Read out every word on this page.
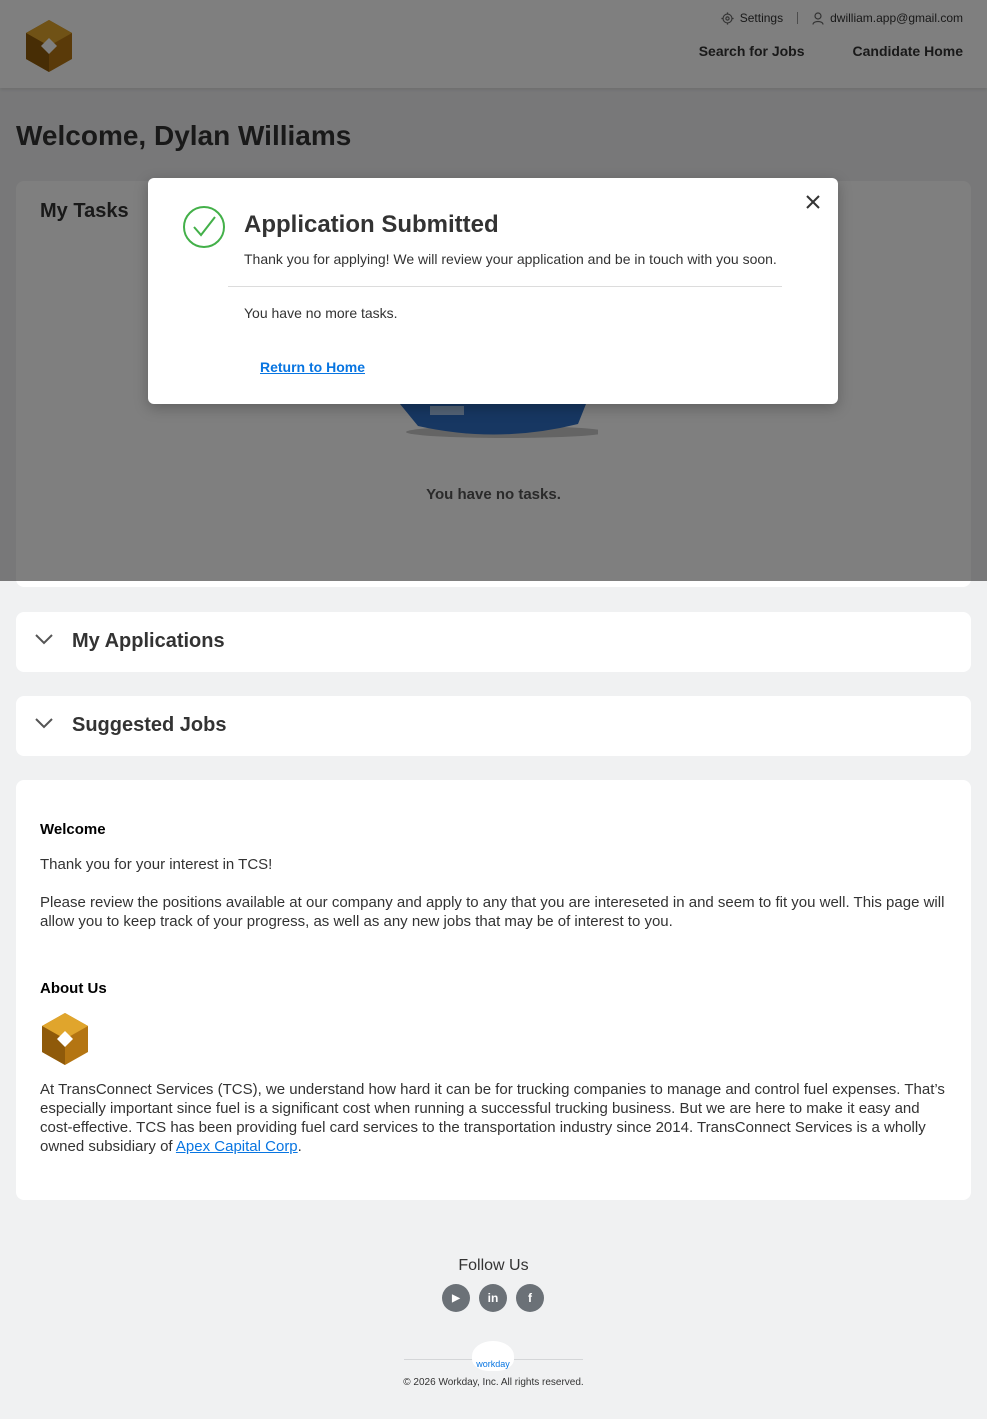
My Applications
Suggested Jobs
Welcome

Thank you for your interest in TCS!

Please review the positions available at our company and apply to any that you are intereseted in and seem to fit you well. This page will allow you to keep track of your progress, as well as any new jobs that may be of interest to you.

About Us

At TransConnect Services (TCS), we understand how hard it can be for trucking companies to manage and control fuel expenses. That’s especially important since fuel is a significant cost when running a successful trucking business. But we are here to make it easy and cost-effective. TCS has been providing fuel card services to the transportation industry since 2014. TransConnect Services is a wholly owned subsidiary of Apex Capital Corp.

Follow Us
▶	in	f
workday
© 2026 Workday, Inc. All rights reserved.
Application Submitted
Thank you for applying! We will review your application and be in touch with you soon.
You have no more tasks.
Return to Home
